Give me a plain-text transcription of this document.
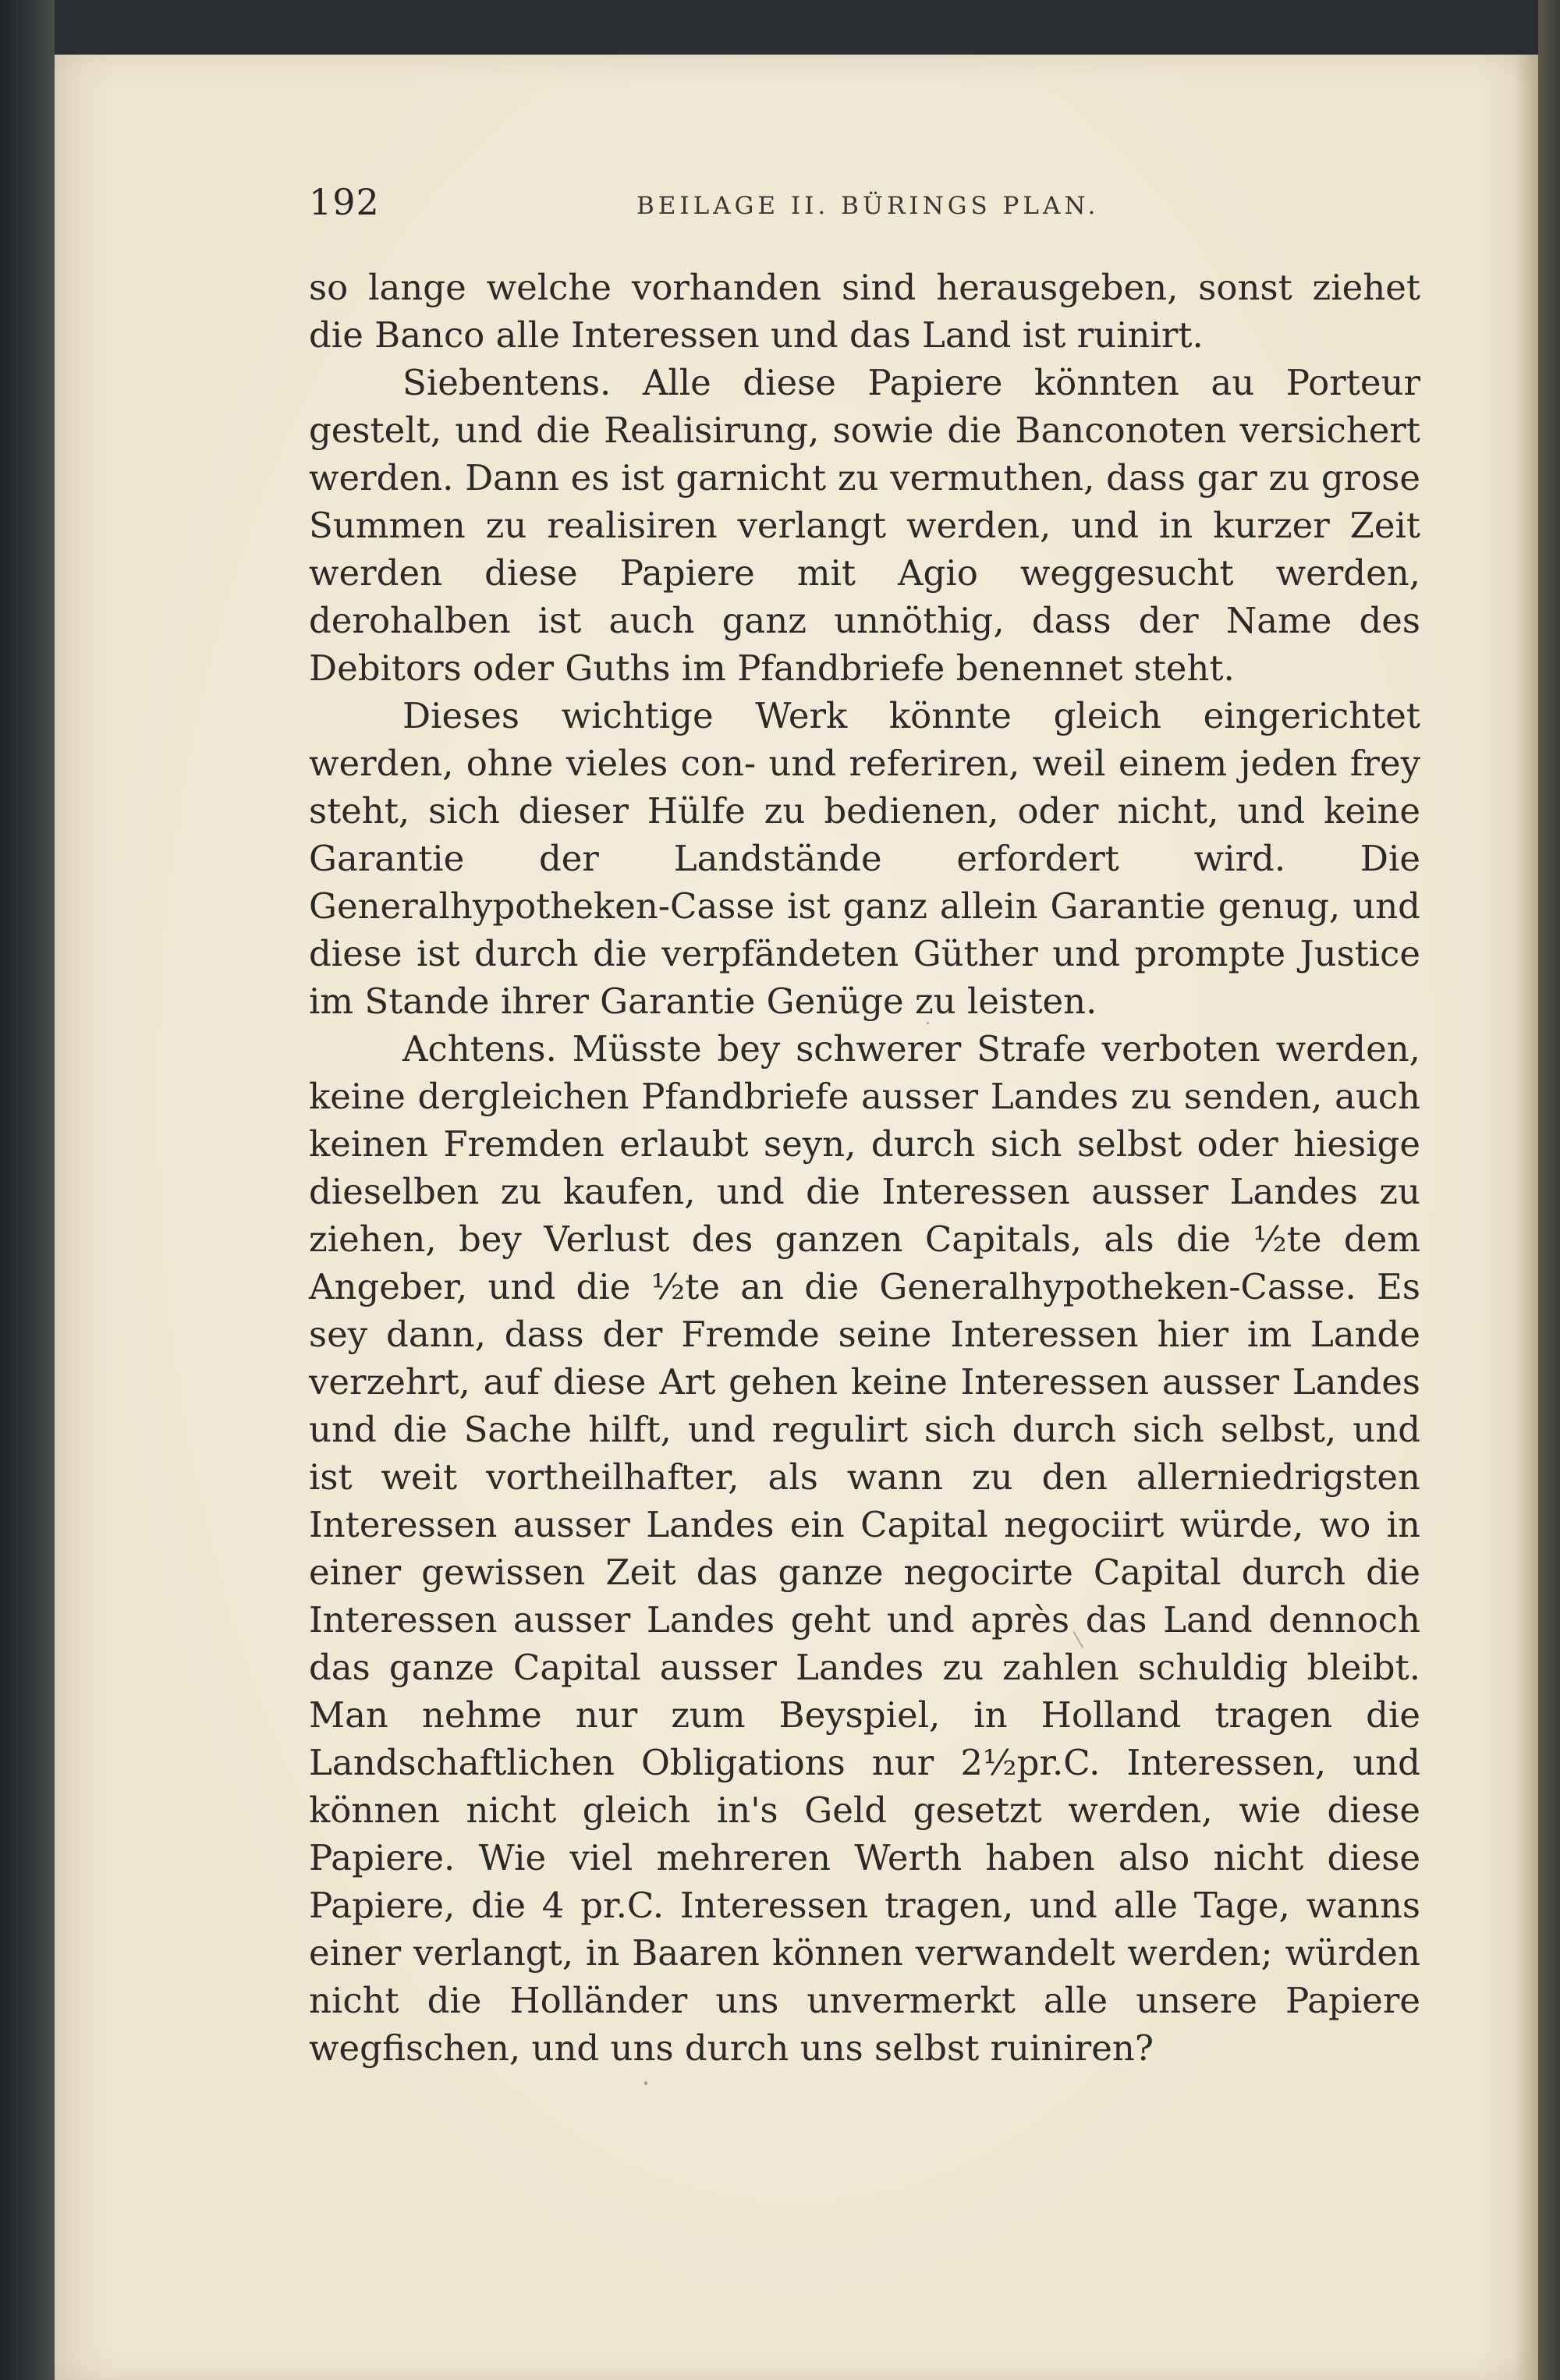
192	BEILAGE II. BÜRINGS PLAN.

so lange welche vorhanden sind herausgeben, sonst ziehet die Banco alle Interessen und das Land ist ruinirt.

Siebentens. Alle diese Papiere könnten au Porteur gestelt, und die Realisirung, sowie die Banconoten versichert werden. Dann es ist garnicht zu vermuthen, dass gar zu grose Summen zu realisiren verlangt werden, und in kurzer Zeit werden diese Papiere mit Agio weggesucht werden, derohalben ist auch ganz unnöthig, dass der Name des Debitors oder Guths im Pfandbriefe benennet steht.

Dieses wichtige Werk könnte gleich eingerichtet werden, ohne vieles con- und referiren, weil einem jeden frey steht, sich dieser Hülfe zu bedienen, oder nicht, und keine Garantie der Landstände erfordert wird. Die Generalhypotheken-Casse ist ganz allein Garantie genug, und diese ist durch die verpfändeten Güther und prompte Justice im Stande ihrer Garantie Genüge zu leisten.

Achtens. Müsste bey schwerer Strafe verboten werden, keine dergleichen Pfandbriefe ausser Landes zu senden, auch keinen Fremden erlaubt seyn, durch sich selbst oder hiesige dieselben zu kaufen, und die Interessen ausser Landes zu ziehen, bey Verlust des ganzen Capitals, als die ½te dem Angeber, und die ½te an die Generalhypotheken-Casse. Es sey dann, dass der Fremde seine Interessen hier im Lande verzehrt, auf diese Art gehen keine Interessen ausser Landes und die Sache hilft, und regulirt sich durch sich selbst, und ist weit vortheilhafter, als wann zu den allerniedrigsten Interessen ausser Landes ein Capital negociirt würde, wo in einer gewissen Zeit das ganze negocirte Capital durch die Interessen ausser Landes geht und après das Land dennoch das ganze Capital ausser Landes zu zahlen schuldig bleibt. Man nehme nur zum Beyspiel, in Holland tragen die Landschaftlichen Obligations nur 2½pr.C. Interessen, und können nicht gleich in's Geld gesetzt werden, wie diese Papiere. Wie viel mehreren Werth haben also nicht diese Papiere, die 4 pr.C. Interessen tragen, und alle Tage, wanns einer verlangt, in Baaren können verwandelt werden; würden nicht die Holländer uns unvermerkt alle unsere Papiere wegfischen, und uns durch uns selbst ruiniren?
